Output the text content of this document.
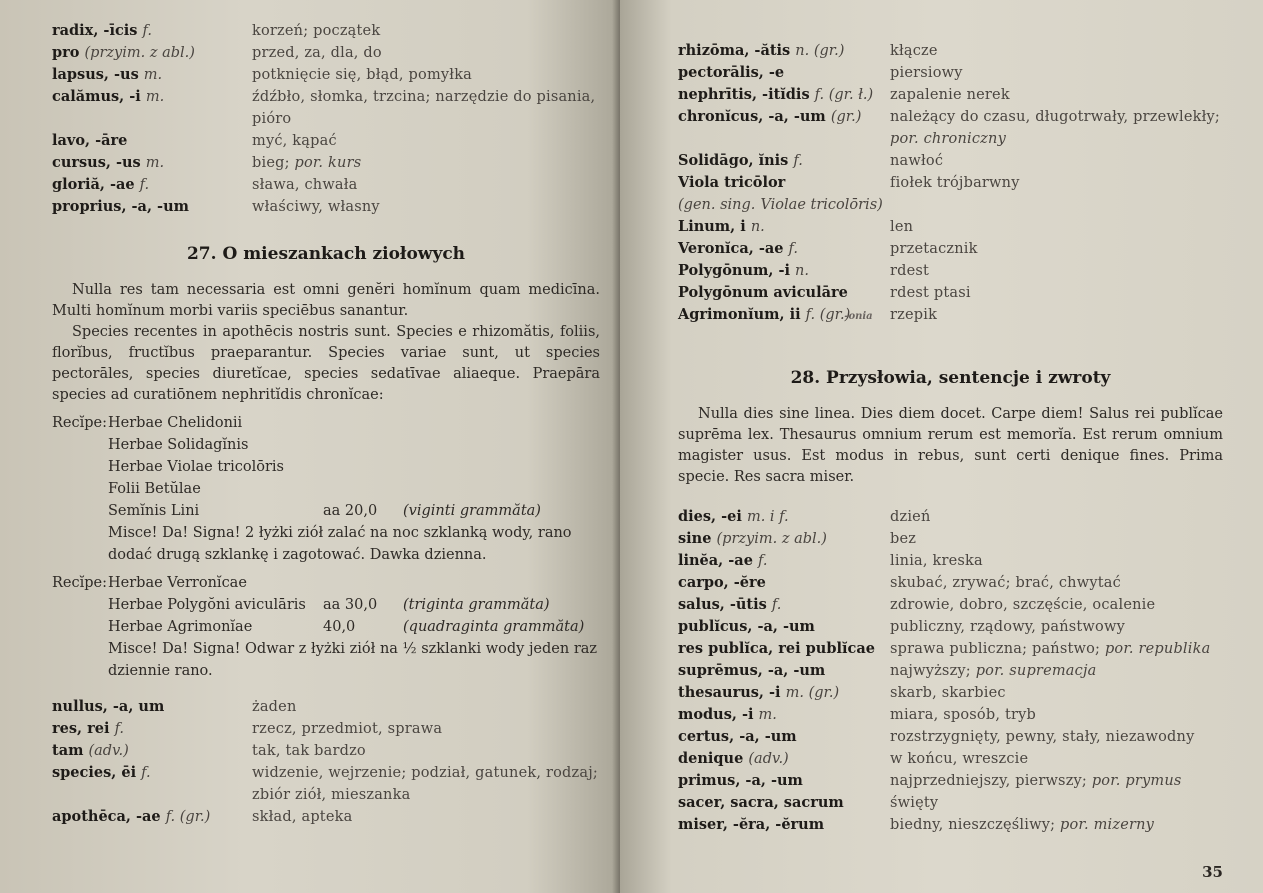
radix, -īcis f.	korzeń; początek
pro (przyim. z abl.)	przed, za, dla, do
lapsus, -us m.	potknięcie się, błąd, pomyłka
calămus, -i m.	źdźbło, słomka, trzcina; narzędzie do pisania,
	pióro
lavo, -āre	myć, kąpać
cursus, -us m.	bieg; por. kurs
gloriă, -ae f.	sława, chwała
proprius, -a, -um	właściwy, własny
27. O mieszankach ziołowych

Nulla res tam necessaria est omni genĕri homĭnum quam medicīna. Multi homĭnum morbi variis speciēbus sanantur.

Species recentes in apothēcis nostris sunt. Species e rhizomătis, foliis, florĭbus, fructĭbus praeparantur. Species variae sunt, ut species pectorāles, species diuretĭcae, species sedatīvae aliaeque. Praepāra species ad curatiōnem nephritĭdis chronĭcae:

Recĭpe: Herbae Chelidonii
Herbae Solidagĭnis
Herbae Violae tricolōris
Folii Betŭlae
Semĭnis Lini	aa 20,0	(viginti grammăta)
Misce! Da! Signa! 2 łyżki ziół zalać na noc szklanką wody, rano dodać drugą szklankę i zagotować. Dawka dzienna.
Recĭpe: Herbae Verronĭcae
Herbae Polygŏni aviculāris	aa 30,0	(triginta grammăta)
Herbae Agrimonĭae	40,0	(quadraginta grammăta)
Misce! Da! Signa! Odwar z łyżki ziół na ½ szklanki wody jeden raz dziennie rano.
nullus, -a, um	żaden
res, rei f.	rzecz, przedmiot, sprawa
tam (adv.)	tak, tak bardzo
species, ēi f.	widzenie, wejrzenie; podział, gatunek, rodzaj;
	zbiór ziół, mieszanka
apothēca, -ae f. (gr.)	skład, apteka
rhizōma, -ătis n. (gr.)	kłącze
pectorālis, -e	piersiowy
nephrītis, -itĭdis f. (gr. ł.)	zapalenie nerek
chronĭcus, -a, -um (gr.)	należący do czasu, długotrwały, przewlekły;
	por. chroniczny
Solidāgo, ĭnis f.	nawłoć
Viola tricōlor	fiołek trójbarwny
(gen. sing. Violae tricolōris)	
Linum, i n.	len
Veronĭca, -ae f.	przetacznik
Polygōnum, -i n.	rdest
Polygōnum aviculāre	rdest ptasi
Agrimonĭum, ii f. (gr.)-onia	rzepik
28. Przysłowia, sentencje i zwroty

Nulla dies sine linea. Dies diem docet. Carpe diem! Salus rei publĭcae suprēma lex. Thesaurus omnium rerum est memorĭa. Est rerum omnium magister usus. Est modus in rebus, sunt certi denique fines. Prima specie. Res sacra miser.

dies, -ei m. i f.	dzień
sine (przyim. z abl.)	bez
linĕa, -ae f.	linia, kreska
carpo, -ĕre	skubać, zrywać; brać, chwytać
salus, -ūtis f.	zdrowie, dobro, szczęście, ocalenie
publĭcus, -a, -um	publiczny, rządowy, państwowy
res publĭca, rei publĭcae	sprawa publiczna; państwo; por. republika
suprēmus, -a, -um	najwyższy; por. supremacja
thesaurus, -i m. (gr.)	skarb, skarbiec
modus, -i m.	miara, sposób, tryb
certus, -a, -um	rozstrzygnięty, pewny, stały, niezawodny
denique (adv.)	w końcu, wreszcie
primus, -a, -um	najprzedniejszy, pierwszy; por. prymus
sacer, sacra, sacrum	święty
miser, -ĕra, -ĕrum	biedny, nieszczęśliwy; por. mizerny
35
